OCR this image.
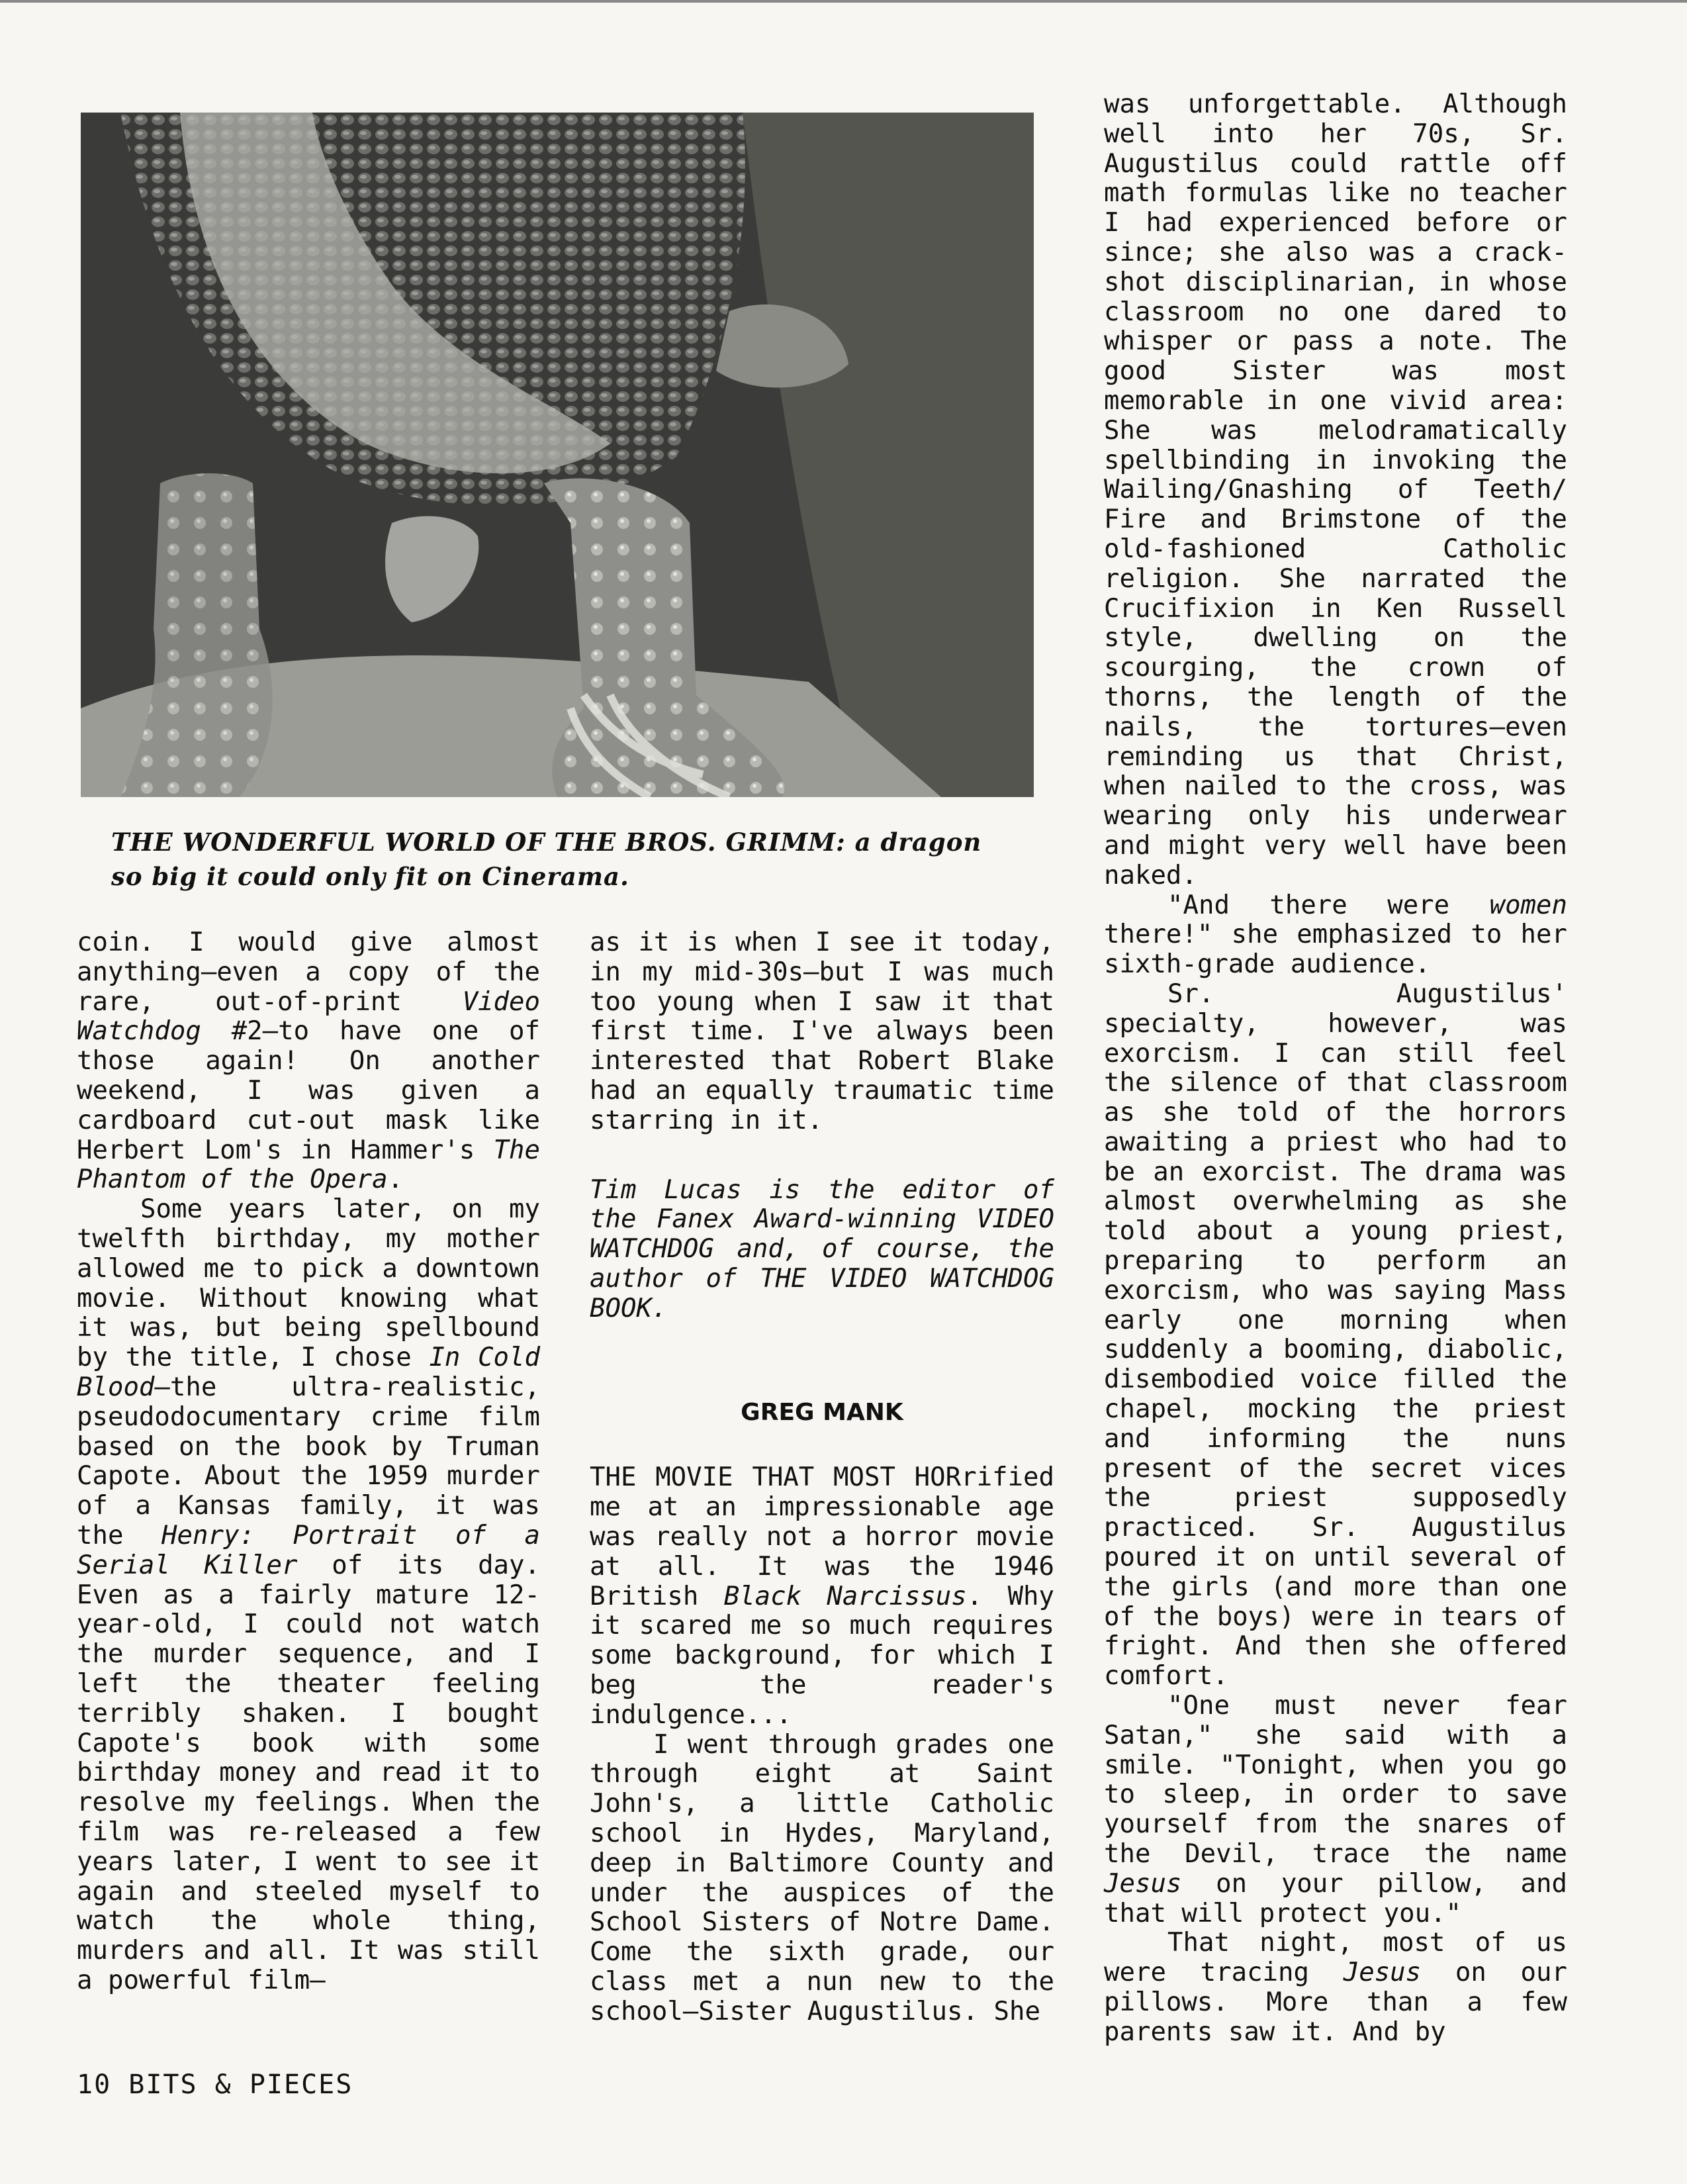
THE WONDERFUL WORLD OF THE BROS. GRIMM: a dragon
so big it could only fit on Cinerama.

coin. I would give almost anything—even a copy of the rare, out-of-print Video Watchdog #2—to have one of those again! On another weekend, I was given a cardboard cut-out mask like Herbert Lom's in Hammer's The Phantom of the Opera.

Some years later, on my twelfth birthday, my mother allowed me to pick a downtown movie. Without knowing what it was, but being spellbound by the title, I chose In Cold Blood—the ultra-realistic, pseudodocumentary crime film based on the book by Truman Capote. About the 1959 murder of a Kansas family, it was the Henry: Portrait of a Serial Killer of its day. Even as a fairly mature 12-year-old, I could not watch the murder sequence, and I left the theater feeling terribly shaken. I bought Capote's book with some birthday money and read it to resolve my feelings. When the film was re-released a few years later, I went to see it again and steeled myself to watch the whole thing, murders and all. It was still a powerful film—

as it is when I see it today, in my mid-30s—but I was much too young when I saw it that first time. I've always been interested that Robert Blake had an equally traumatic time starring in it.

Tim Lucas is the editor of the Fanex Award-winning VIDEO WATCHDOG and, of course, the author of THE VIDEO WATCHDOG BOOK.

GREG MANK

THE MOVIE THAT MOST HORrified me at an impressionable age was really not a horror movie at all. It was the 1946 British Black Narcissus. Why it scared me so much requires some background, for which I beg the reader's indulgence...

I went through grades one through eight at Saint John's, a little Catholic school in Hydes, Maryland, deep in Baltimore County and under the auspices of the School Sisters of Notre Dame. Come the sixth grade, our class met a nun new to the school—Sister Augustilus. She

was unforgettable. Although well into her 70s, Sr. Augustilus could rattle off math formulas like no teacher I had experienced before or since; she also was a crack-shot disciplinarian, in whose classroom no one dared to whisper or pass a note. The good Sister was most memorable in one vivid area: She was melodramatically spellbinding in invoking the Wailing/Gnashing of Teeth/ Fire and Brimstone of the old-fashioned Catholic religion. She narrated the Crucifixion in Ken Russell style, dwelling on the scourging, the crown of thorns, the length of the nails, the tortures—even reminding us that Christ, when nailed to the cross, was wearing only his underwear and might very well have been naked.

"And there were women there!" she emphasized to her sixth-grade audience.

Sr. Augustilus' specialty, however, was exorcism. I can still feel the silence of that classroom as she told of the horrors awaiting a priest who had to be an exorcist. The drama was almost overwhelming as she told about a young priest, preparing to perform an exorcism, who was saying Mass early one morning when suddenly a booming, diabolic, disembodied voice filled the chapel, mocking the priest and informing the nuns present of the secret vices the priest supposedly practiced. Sr. Augustilus poured it on until several of the girls (and more than one of the boys) were in tears of fright. And then she offered comfort.

"One must never fear Satan," she said with a smile. "Tonight, when you go to sleep, in order to save yourself from the snares of the Devil, trace the name Jesus on your pillow, and that will protect you."

That night, most of us were tracing Jesus on our pillows. More than a few parents saw it. And by

10 BITS & PIECES
